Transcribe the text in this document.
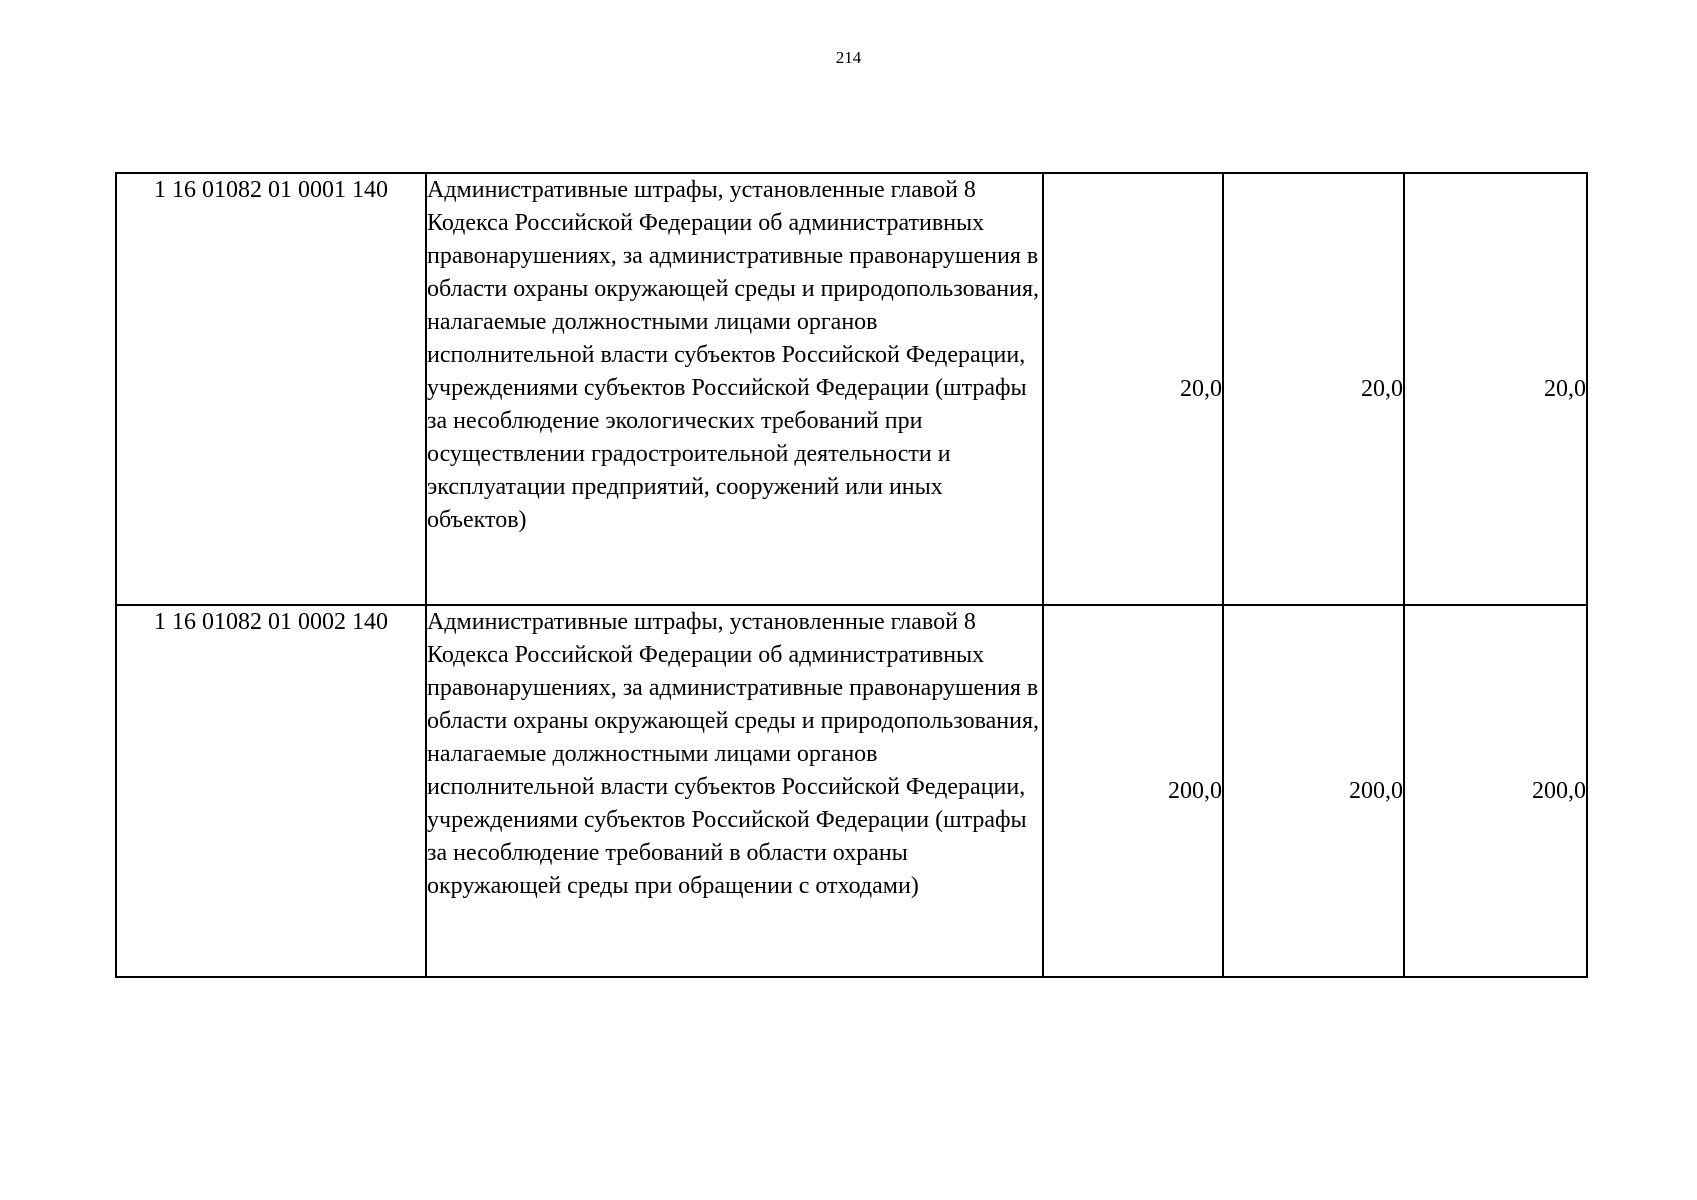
214
1 16 01082 01 0001 140	Административные штрафы, установленные главой 8 Кодекса Российской Федерации об административных правонарушениях, за административные правонарушения в области охраны окружающей среды и природопользования, налагаемые должностными лицами органов исполнительной власти субъектов Российской Федерации, учреждениями субъектов Российской Федерации (штрафы за несоблюдение экологических требований при осуществлении градостроительной деятельности и эксплуатации предприятий, сооружений или иных объектов)	20,0	20,0	20,0
1 16 01082 01 0002 140	Административные штрафы, установленные главой 8 Кодекса Российской Федерации об административных правонарушениях, за административные правонарушения в области охраны окружающей среды и природопользования, налагаемые должностными лицами органов исполнительной власти субъектов Российской Федерации, учреждениями субъектов Российской Федерации (штрафы за несоблюдение требований в области охраны окружающей среды при обращении с отходами)	200,0	200,0	200,0
